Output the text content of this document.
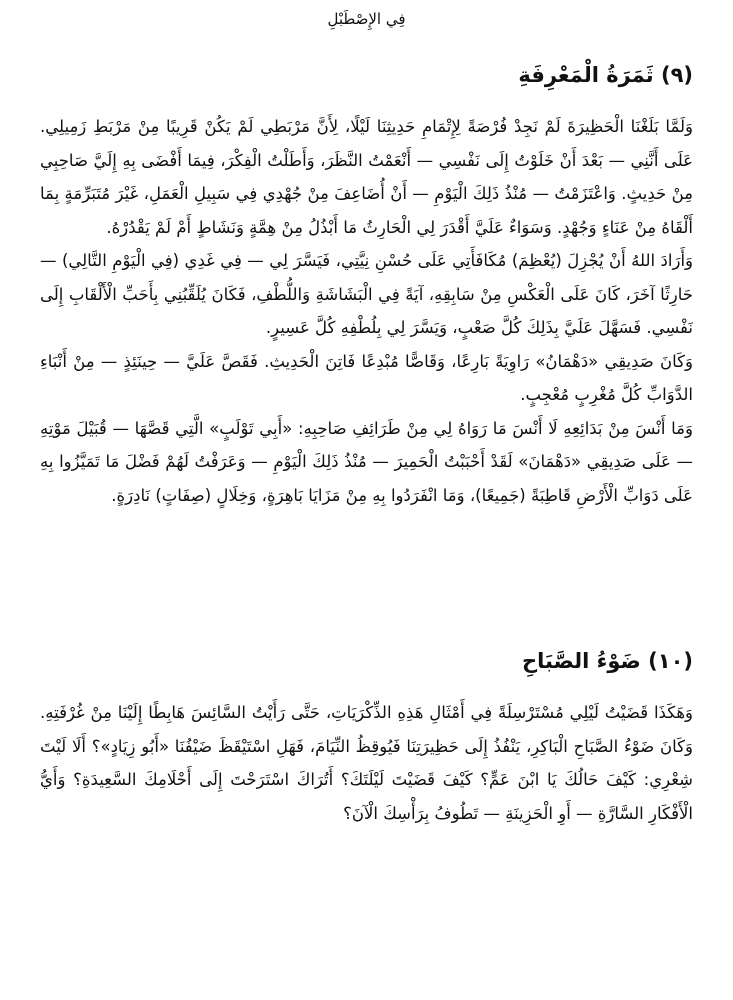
فِي الإِصْطَبْلِ
(٩) ثَمَرَةُ الْمَعْرِفَةِ

وَلَمَّا بَلَغْنَا الْحَظِيرَةَ لَمْ نَجِدْ فُرْصَةً لِإِتْمَامِ حَدِيثِنَا لَيْلًا، لِأَنَّ مَرْبَطِي لَمْ يَكُنْ قَرِيبًا مِنْ مَرْبَطِ زَمِيلِي. عَلَى أَنَّنِي — بَعْدَ أَنْ خَلَوْتُ إِلَى نَفْسِي — أَنْعَمْتُ النَّظَرَ، وَأَطَلْتُ الْفِكْرَ، فِيمَا أَفْضَى بِهِ إِلَيَّ صَاحِبِي مِنْ حَدِيثٍ. وَاعْتَزَمْتُ — مُنْذُ ذَلِكَ الْيَوْمِ — أَنْ أُضَاعِفَ مِنْ جُهْدِي فِي سَبِيلِ الْعَمَلِ، غَيْرَ مُتَبَرِّمَةٍ بِمَا أَلْقَاهُ مِنْ عَنَاءٍ وَجُهْدٍ. وَسَوَاءٌ عَلَيَّ أَقْدَرَ لِي الْحَارِثُ مَا أَبْذُلُ مِنْ هِمَّةٍ وَنَشَاطٍ أَمْ لَمْ يَقْدُرْهُ.

وَأَرَادَ اللهُ أَنْ يُجْزِلَ (يُعْظِمَ) مُكَافَأَتِي عَلَى حُسْنِ نِيَّتِي، فَيَسَّرَ لِي — فِي غَدِي (فِي الْيَوْمِ التَّالِي) — حَارِثًا آخَرَ، كَانَ عَلَى الْعَكْسِ مِنْ سَابِقِهِ، آيَةً فِي الْبَشَاشَةِ وَاللُّطْفِ، فَكَانَ يُلَقِّبُنِي بِأَحَبِّ الْأَلْقَابِ إِلَى نَفْسِي. فَسَهَّلَ عَلَيَّ بِذَلِكَ كُلَّ صَعْبٍ، وَيَسَّرَ لِي بِلُطْفِهِ كُلَّ عَسِيرٍ.

وَكَانَ صَدِيقِي «دَهْمَانُ» رَاوِيَةً بَارِعًا، وَقَاصًّا مُبْدِعًا فَاتِنَ الْحَدِيثِ. فَقَصَّ عَلَيَّ — حِينَئِذٍ — مِنْ أَنْبَاءِ الدَّوَابِّ كُلَّ مُغْرِبٍ مُعْجِبٍ.

وَمَا أَنْسَ مِنْ بَدَائِعِهِ لَا أَنْسَ مَا رَوَاهُ لِي مِنْ طَرَائِفِ صَاحِبِهِ: «أَبِي تَوْلَبٍ» الَّتِي قَصَّهَا — قُبَيْلَ مَوْتِهِ — عَلَى صَدِيقِي «دَهْمَانَ» لَقَدْ أَحْبَبْتُ الْحَمِيرَ — مُنْذُ ذَلِكَ الْيَوْمِ — وَعَرَفْتُ لَهُمْ فَضْلَ مَا تَمَيَّزُوا بِهِ عَلَى دَوَابِّ الْأَرْضِ قَاطِبَةً (جَمِيعًا)، وَمَا انْفَرَدُوا بِهِ مِنْ مَزَايَا بَاهِرَةٍ، وَخِلَالٍ (صِفَاتٍ) نَادِرَةٍ.

(١٠) ضَوْءُ الصَّبَاحِ

وَهَكَذَا قَضَيْتُ لَيْلِي مُسْتَرْسِلَةً فِي أَمْثَالِ هَذِهِ الذِّكْرَيَاتِ، حَتَّى رَأَيْتُ السَّائِسَ هَابِطًا إِلَيْنَا مِنْ غُرْفَتِهِ. وَكَانَ ضَوْءُ الصَّبَاحِ الْبَاكِرِ، يَنْفُذُ إِلَى حَظِيرَتِنَا فَيُوقِظُ النِّيَامَ، فَهَلِ اسْتَيْقَظَ ضَيْفُنَا «أَبُو زِيَادٍ»؟ أَلَا لَيْتَ شِعْرِي: كَيْفَ حَالُكَ يَا ابْنَ عَمٍّ؟ كَيْفَ قَضَيْتَ لَيْلَتَكَ؟ أَتُرَاكَ اسْتَرَحْتَ إِلَى أَحْلَامِكَ السَّعِيدَةِ؟ وَأَيُّ الْأَفْكَارِ السَّارَّةِ — أَوِ الْحَزِينَةِ — تَطُوفُ بِرَأْسِكَ الْآنَ؟
